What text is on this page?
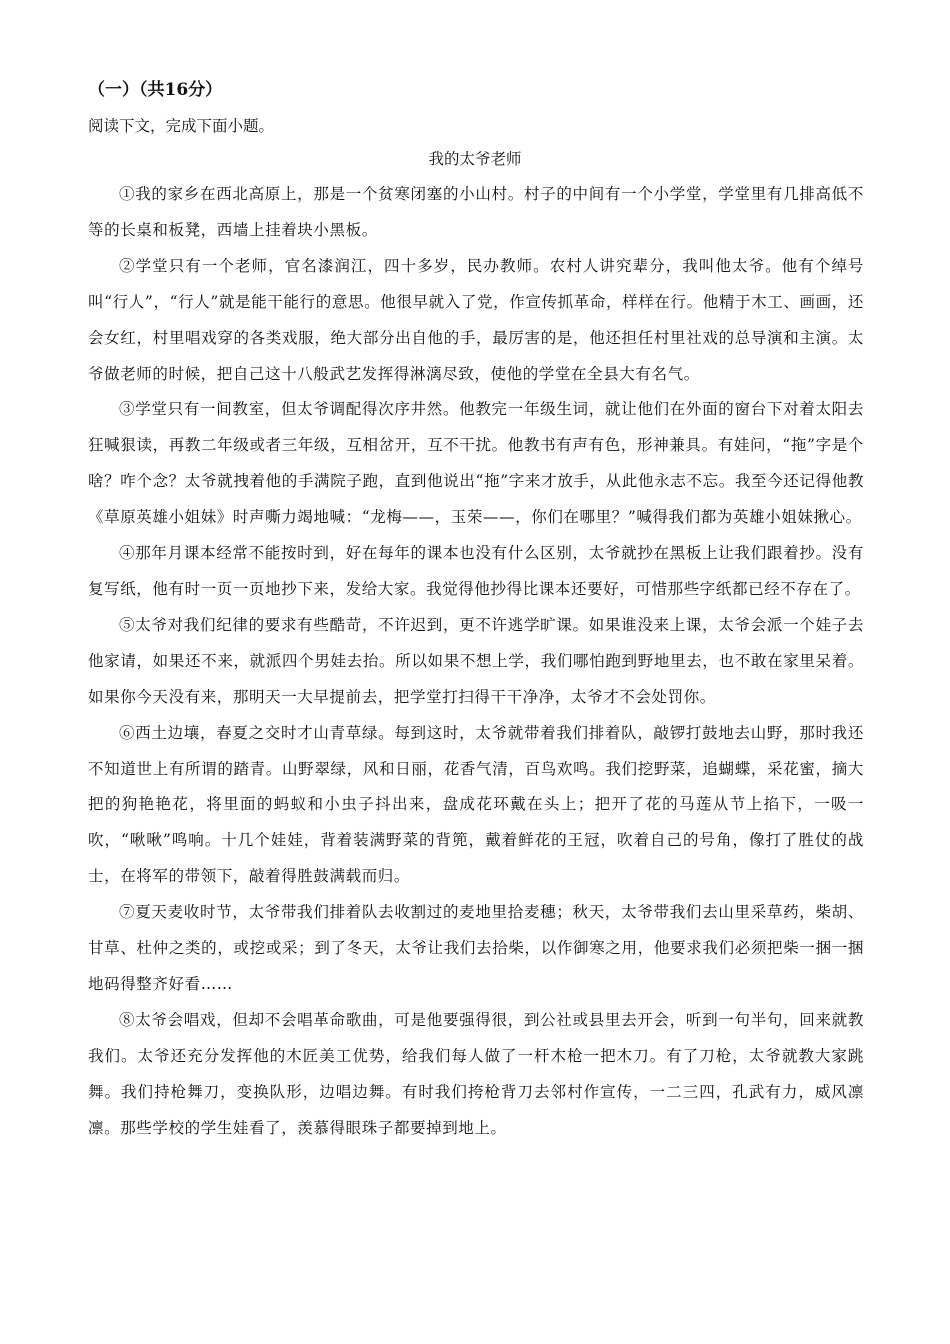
（一）（共16分）
阅读下文，完成下面小题。
我的太爷老师

①我的家乡在西北高原上，那是一个贫寒闭塞的小山村。村子的中间有一个小学堂，学堂里有几排高低不等的长桌和板凳，西墙上挂着块小黑板。

②学堂只有一个老师，官名漆润江，四十多岁，民办教师。农村人讲究辈分，我叫他太爷。他有个绰号叫“行人”，“行人”就是能干能行的意思。他很早就入了党，作宣传抓革命，样样在行。他精于木工、画画，还会女红，村里唱戏穿的各类戏服，绝大部分出自他的手，最厉害的是，他还担任村里社戏的总导演和主演。太爷做老师的时候，把自己这十八般武艺发挥得淋漓尽致，使他的学堂在全县大有名气。

③学堂只有一间教室，但太爷调配得次序井然。他教完一年级生词，就让他们在外面的窗台下对着太阳去狂喊狠读，再教二年级或者三年级，互相岔开，互不干扰。他教书有声有色，形神兼具。有娃问，“拖”字是个啥？咋个念？太爷就拽着他的手满院子跑，直到他说出“拖”字来才放手，从此他永志不忘。我至今还记得他教《草原英雄小姐妹》时声嘶力竭地喊：“龙梅——，玉荣——，你们在哪里？”喊得我们都为英雄小姐妹揪心。

④那年月课本经常不能按时到，好在每年的课本也没有什么区别，太爷就抄在黑板上让我们跟着抄。没有复写纸，他有时一页一页地抄下来，发给大家。我觉得他抄得比课本还要好，可惜那些字纸都已经不存在了。

⑤太爷对我们纪律的要求有些酷苛，不许迟到，更不许逃学旷课。如果谁没来上课，太爷会派一个娃子去他家请，如果还不来，就派四个男娃去抬。所以如果不想上学，我们哪怕跑到野地里去，也不敢在家里呆着。如果你今天没有来，那明天一大早提前去，把学堂打扫得干干净净，太爷才不会处罚你。

⑥西土边壤，春夏之交时才山青草绿。每到这时，太爷就带着我们排着队，敲锣打鼓地去山野，那时我还不知道世上有所谓的踏青。山野翠绿，风和日丽，花香气清，百鸟欢鸣。我们挖野菜，追蝴蝶，采花蜜，摘大把的狗艳艳花，将里面的蚂蚁和小虫子抖出来，盘成花环戴在头上；把开了花的马莲从节上掐下，一吸一吹，“啾啾”鸣响。十几个娃娃，背着装满野菜的背篼，戴着鲜花的王冠，吹着自己的号角，像打了胜仗的战士，在将军的带领下，敲着得胜鼓满载而归。

⑦夏天麦收时节，太爷带我们排着队去收割过的麦地里拾麦穗；秋天，太爷带我们去山里采草药，柴胡、甘草、杜仲之类的，或挖或采；到了冬天，太爷让我们去拾柴，以作御寒之用，他要求我们必须把柴一捆一捆地码得整齐好看……

⑧太爷会唱戏，但却不会唱革命歌曲，可是他要强得很，到公社或县里去开会，听到一句半句，回来就教我们。太爷还充分发挥他的木匠美工优势，给我们每人做了一杆木枪一把木刀。有了刀枪，太爷就教大家跳舞。我们持枪舞刀，变换队形，边唱边舞。有时我们挎枪背刀去邻村作宣传，一二三四，孔武有力，威风凛凛。那些学校的学生娃看了，羡慕得眼珠子都要掉到地上。
